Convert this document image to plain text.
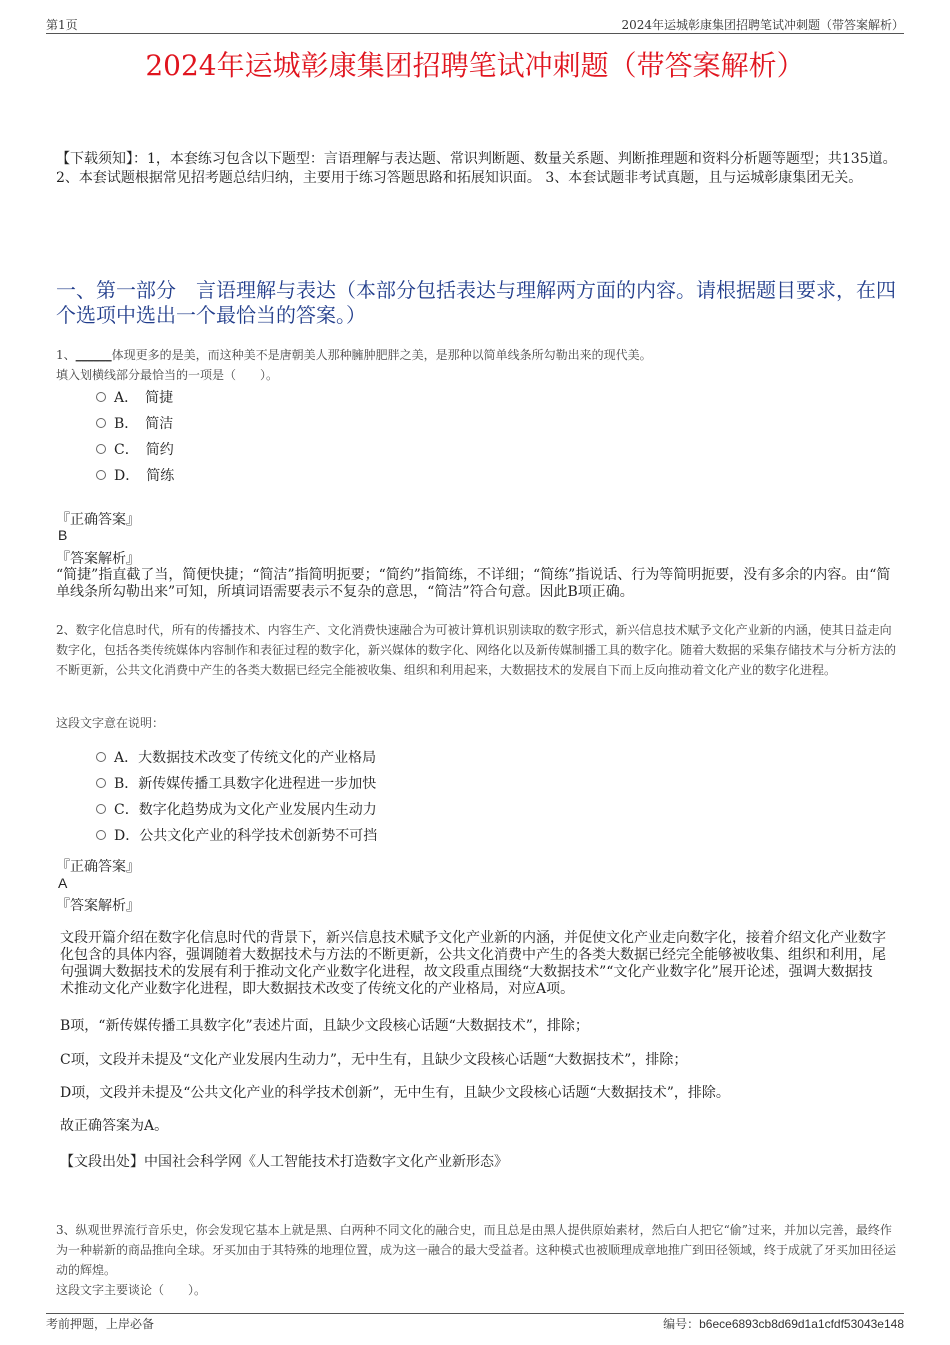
第1页	2024年运城彰康集团招聘笔试冲刺题（带答案解析）
2024年运城彰康集团招聘笔试冲刺题（带答案解析）
【下载须知】：1，本套练习包含以下题型：言语理解与表达题、常识判断题、数量关系题、判断推理题和资料分析题等题型；共135道。 2、本套试题根据常见招考题总结归纳，主要用于练习答题思路和拓展知识面。 3、本套试题非考试真题，且与运城彰康集团无关。
一、第一部分　言语理解与表达（本部分包括表达与理解两方面的内容。请根据题目要求，在四个选项中选出一个最恰当的答案。）
1、______体现更多的是美，而这种美不是唐朝美人那种臃肿肥胖之美，是那种以简单线条所勾勒出来的现代美。
填入划横线部分最恰当的一项是（　　）。
A．　简捷
B．　简洁
C．　简约
D．　简练
『正确答案』
B
『答案解析』
“简捷”指直截了当，简便快捷；“简洁”指简明扼要；“简约”指简练，不详细；“简练”指说话、行为等简明扼要，没有多余的内容。由“简单线条所勾勒出来”可知，所填词语需要表示不复杂的意思，“简洁”符合句意。因此B项正确。
2、数字化信息时代，所有的传播技术、内容生产、文化消费快速融合为可被计算机识别读取的数字形式，新兴信息技术赋予文化产业新的内涵，使其日益走向数字化，包括各类传统媒体内容制作和表征过程的数字化，新兴媒体的数字化、网络化以及新传媒制播工具的数字化。随着大数据的采集存储技术与分析方法的不断更新，公共文化消费中产生的各类大数据已经完全能被收集、组织和利用起来，大数据技术的发展自下而上反向推动着文化产业的数字化进程。
这段文字意在说明：
A．大数据技术改变了传统文化的产业格局
B．新传媒传播工具数字化进程进一步加快
C．数字化趋势成为文化产业发展内生动力
D．公共文化产业的科学技术创新势不可挡
『正确答案』
A
『答案解析』
文段开篇介绍在数字化信息时代的背景下，新兴信息技术赋予文化产业新的内涵，并促使文化产业走向数字化，接着介绍文化产业数字化包含的具体内容，强调随着大数据技术与方法的不断更新，公共文化消费中产生的各类大数据已经完全能够被收集、组织和利用，尾句强调大数据技术的发展有利于推动文化产业数字化进程，故文段重点围绕“大数据技术”“文化产业数字化”展开论述，强调大数据技术推动文化产业数字化进程，即大数据技术改变了传统文化的产业格局，对应A项。
B项，“新传媒传播工具数字化”表述片面，且缺少文段核心话题“大数据技术”，排除；
C项，文段并未提及“文化产业发展内生动力”，无中生有，且缺少文段核心话题“大数据技术”，排除；
D项，文段并未提及“公共文化产业的科学技术创新”，无中生有，且缺少文段核心话题“大数据技术”，排除。
故正确答案为A。
【文段出处】中国社会科学网《人工智能技术打造数字文化产业新形态》
3、纵观世界流行音乐史，你会发现它基本上就是黑、白两种不同文化的融合史，而且总是由黑人提供原始素材，然后白人把它“偷”过来，并加以完善，最终作为一种崭新的商品推向全球。牙买加由于其特殊的地理位置，成为这一融合的最大受益者。这种模式也被顺理成章地推广到田径领域，终于成就了牙买加田径运动的辉煌。
这段文字主要谈论（　　）。
考前押题，上岸必备	编号：b6ece6893cb8d69d1a1cfdf53043e148
